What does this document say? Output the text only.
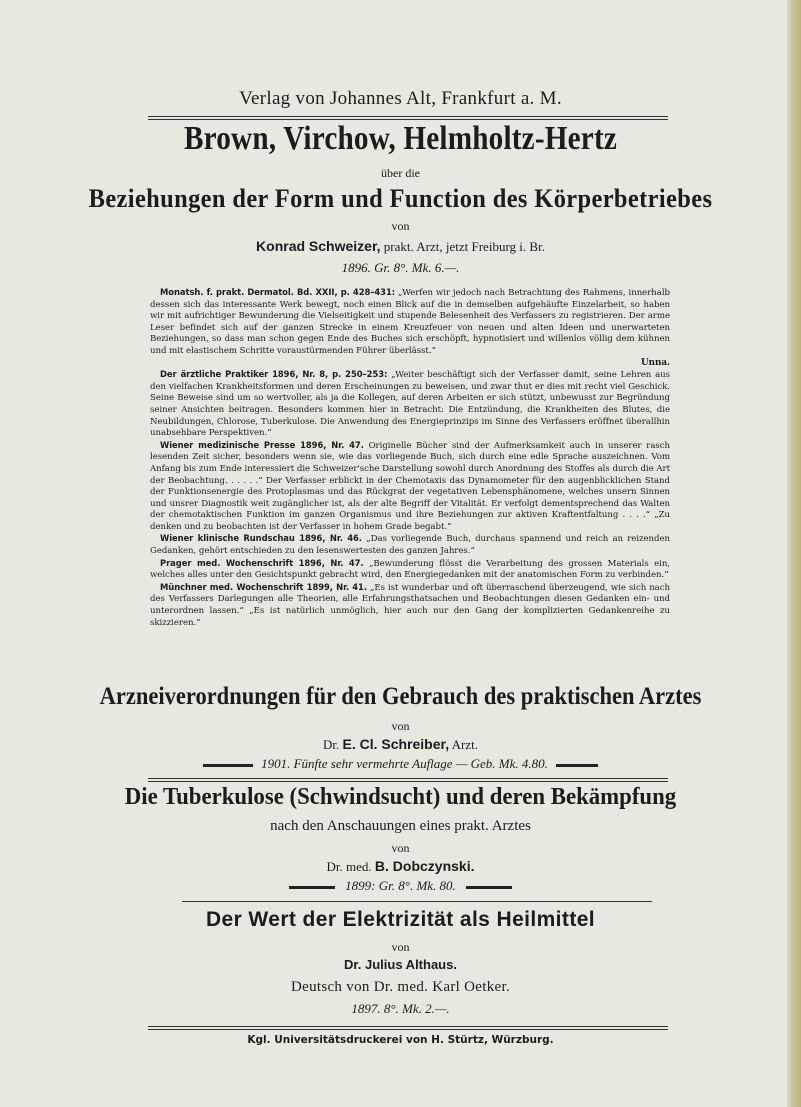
Verlag von Johannes Alt, Frankfurt a. M.
Brown, Virchow, Helmholtz-Hertz
über die
Beziehungen der Form und Function des Körperbetriebes
von
Konrad Schweizer, prakt. Arzt, jetzt Freiburg i. Br.
1896. Gr. 8°. Mk. 6.—.

Monatsh. f. prakt. Dermatol. Bd. XXII, p. 428–431: „Werfen wir jedoch nach Betrachtung des Rahmens, innerhalb dessen sich das interessante Werk bewegt, noch einen Blick auf die in demselben aufgehäufte Einzelarbeit, so haben wir mit aufrichtiger Bewunderung die Vielseitigkeit und stupende Belesenheit des Verfassers zu registrieren. Der arme Leser befindet sich auf der ganzen Strecke in einem Kreuzfeuer von neuen und alten Ideen und unerwarteten Beziehungen, so dass man schon gegen Ende des Buches sich erschöpft, hypnotisiert und willenlos völlig dem kühnen und mit elastischem Schritte voraustürmenden Führer überlässt.“

Unna.

Der ärztliche Praktiker 1896, Nr. 8, p. 250–253: „Weiter beschäftigt sich der Verfasser damit, seine Lehren aus den vielfachen Krankheitsformen und deren Erscheinungen zu beweisen, und zwar thut er dies mit recht viel Geschick. Seine Beweise sind um so wertvoller, als ja die Kollegen, auf deren Arbeiten er sich stützt, unbewusst zur Begründung seiner Ansichten beitragen. Besonders kommen hier in Betracht: Die Entzündung, die Krankheiten des Blutes, die Neubildungen, Chlorose, Tuberkulose. Die Anwendung des Energieprinzips im Sinne des Verfassers eröffnet überallhin unabsehbare Perspektiven.“

Wiener medizinische Presse 1896, Nr. 47. Originelle Bücher sind der Aufmerksamkeit auch in unserer rasch lesenden Zeit sicher, besonders wenn sie, wie das vorliegende Buch, sich durch eine edle Sprache auszeichnen. Vom Anfang bis zum Ende interessiert die Schweizer'sche Darstellung sowohl durch Anordnung des Stoffes als durch die Art der Beobachtung. . . . . .“ Der Verfasser erblickt in der Chemotaxis das Dynamometer für den augenblicklichen Stand der Funktionsenergie des Protoplasmas und das Rückgrat der vegetativen Lebensphänomene, welches unsern Sinnen und unsrer Diagnostik weit zugänglicher ist, als der alte Begriff der Vitalität. Er verfolgt dementsprechend das Walten der chemotaktischen Funktion im ganzen Organismus und ihre Beziehungen zur aktiven Kraftentfaltung . . . .“ „Zu denken und zu beobachten ist der Verfasser in hohem Grade begabt.“

Wiener klinische Rundschau 1896, Nr. 46. „Das vorliegende Buch, durchaus spannend und reich an reizenden Gedanken, gehört entschieden zu den lesenswertesten des ganzen Jahres.“

Prager med. Wochenschrift 1896, Nr. 47. „Bewunderung flösst die Verarbeitung des grossen Materials ein, welches alles unter den Gesichtspunkt gebracht wird, den Energiegedanken mit der anatomischen Form zu verbinden.“

Münchner med. Wochenschrift 1899, Nr. 41. „Es ist wunderbar und oft überraschend überzeugend, wie sich nach des Verfassers Darlegungen alle Theorien, alle Erfahrungsthatsachen und Beobachtungen diesen Gedanken ein- und unterordnen lassen.“ „Es ist natürlich unmöglich, hier auch nur den Gang der komplizierten Gedankenreihe zu skizzieren.“

Arzneiverordnungen für den Gebrauch des praktischen Arztes
von
Dr. E. Cl. Schreiber, Arzt.
1901. Fünfte sehr vermehrte Auflage — Geb. Mk. 4.80.
Die Tuberkulose (Schwindsucht) und deren Bekämpfung
nach den Anschauungen eines prakt. Arztes
von
Dr. med. B. Dobczynski.
1899: Gr. 8°. Mk. 80.
Der Wert der Elektrizität als Heilmittel
von
Dr. Julius Althaus.
Deutsch von Dr. med. Karl Oetker.
1897. 8°. Mk. 2.—.
Kgl. Universitätsdruckerei von H. Stürtz, Würzburg.
